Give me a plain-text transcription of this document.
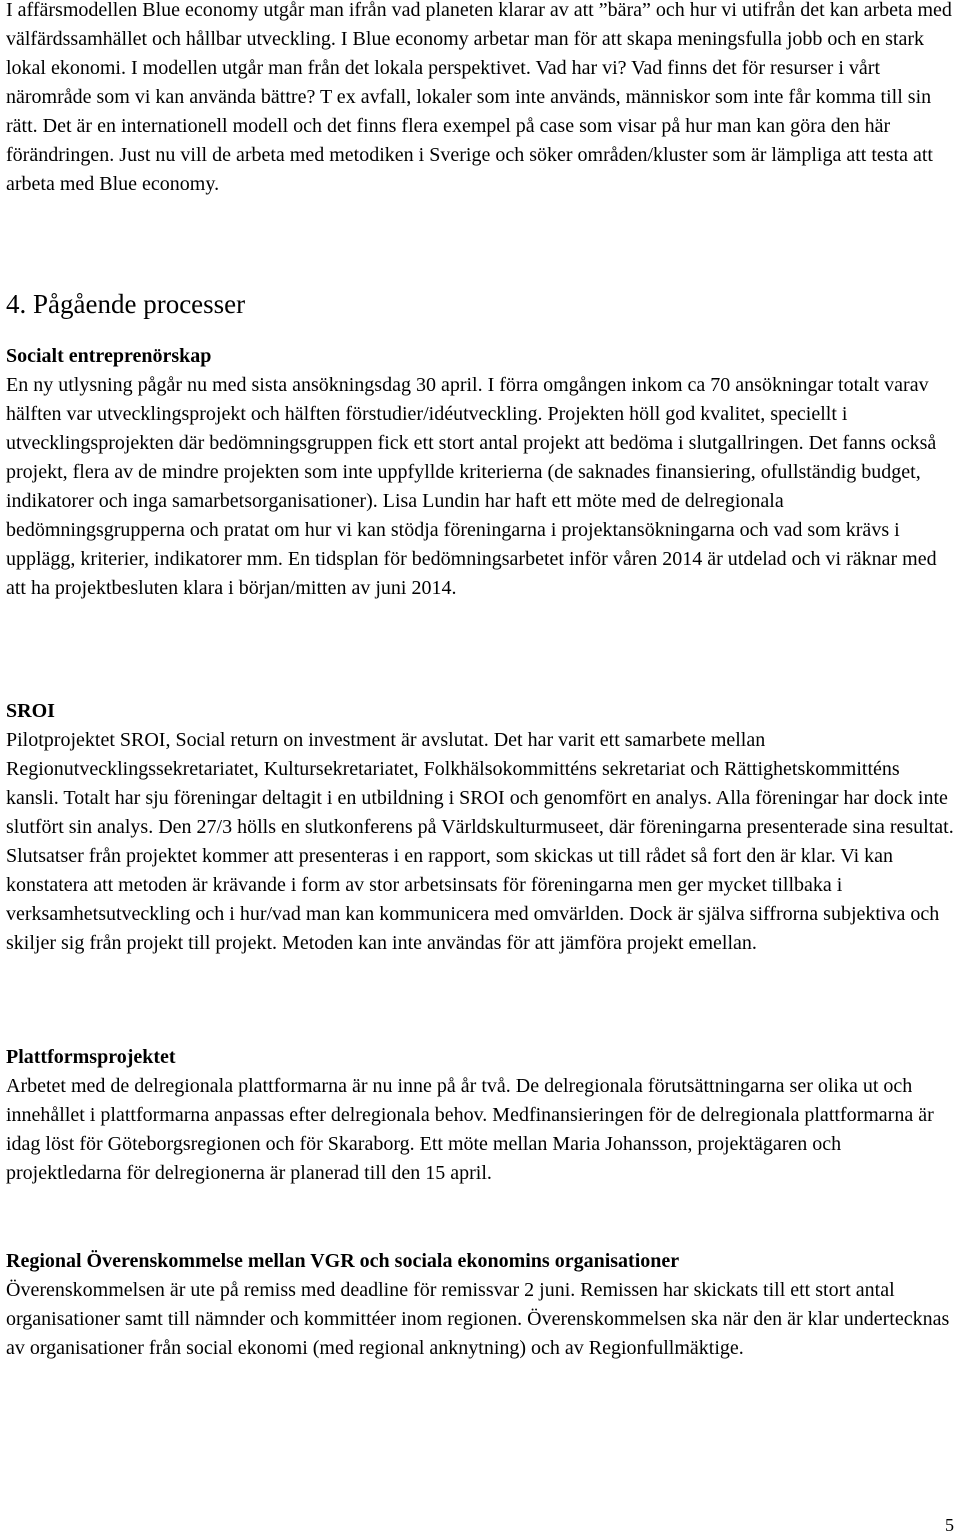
I affärsmodellen Blue economy utgår man ifrån vad planeten klarar av att ”bära” och hur vi utifrån det kan arbeta med välfärdssamhället och hållbar utveckling. I Blue economy arbetar man för att skapa meningsfulla jobb och en stark lokal ekonomi. I modellen utgår man från det lokala perspektivet. Vad har vi? Vad finns det för resurser i vårt närområde som vi kan använda bättre? T ex avfall, lokaler som inte används, människor som inte får komma till sin rätt. Det är en internationell modell och det finns flera exempel på case som visar på hur man kan göra den här förändringen. Just nu vill de arbeta med metodiken i Sverige och söker områden/kluster som är lämpliga att testa att arbeta med Blue economy.

4. Pågående processer
Socialt entreprenörskap

En ny utlysning pågår nu med sista ansökningsdag 30 april. I förra omgången inkom ca 70 ansökningar totalt varav hälften var utvecklingsprojekt och hälften förstudier/idéutveckling. Projekten höll god kvalitet, speciellt i utvecklingsprojekten där bedömningsgruppen fick ett stort antal projekt att bedöma i slutgallringen. Det fanns också projekt, flera av de mindre projekten som inte uppfyllde kriterierna (de saknades finansiering, ofullständig budget, indikatorer och inga samarbetsorganisationer). Lisa Lundin har haft ett möte med de delregionala bedömningsgrupperna och pratat om hur vi kan stödja föreningarna i projektansökningarna och vad som krävs i upplägg, kriterier, indikatorer mm. En tidsplan för bedömningsarbetet inför våren 2014 är utdelad och vi räknar med att ha projektbesluten klara i början/mitten av juni 2014.

SROI

Pilotprojektet SROI, Social return on investment är avslutat. Det har varit ett samarbete mellan Regionutvecklingssekretariatet, Kultursekretariatet, Folkhälsokommitténs sekretariat och Rättighetskommitténs kansli. Totalt har sju föreningar deltagit i en utbildning i SROI och genomfört en analys. Alla föreningar har dock inte slutfört sin analys. Den 27/3 hölls en slutkonferens på Världskulturmuseet, där föreningarna presenterade sina resultat. Slutsatser från projektet kommer att presenteras i en rapport, som skickas ut till rådet så fort den är klar. Vi kan konstatera att metoden är krävande i form av stor arbetsinsats för föreningarna men ger mycket tillbaka i verksamhetsutveckling och i hur/vad man kan kommunicera med omvärlden. Dock är själva siffrorna subjektiva och skiljer sig från projekt till projekt. Metoden kan inte användas för att jämföra projekt emellan.

Plattformsprojektet

Arbetet med de delregionala plattformarna är nu inne på år två. De delregionala förutsättningarna ser olika ut och innehållet i plattformarna anpassas efter delregionala behov. Medfinansieringen för de delregionala plattformarna är idag löst för Göteborgsregionen och för Skaraborg. Ett möte mellan Maria Johansson, projektägaren och projektledarna för delregionerna är planerad till den 15 april.

Regional Överenskommelse mellan VGR och sociala ekonomins organisationer

Överenskommelsen är ute på remiss med deadline för remissvar 2 juni. Remissen har skickats till ett stort antal organisationer samt till nämnder och kommittéer inom regionen. Överenskommelsen ska när den är klar undertecknas av organisationer från social ekonomi (med regional anknytning) och av Regionfullmäktige.

5
